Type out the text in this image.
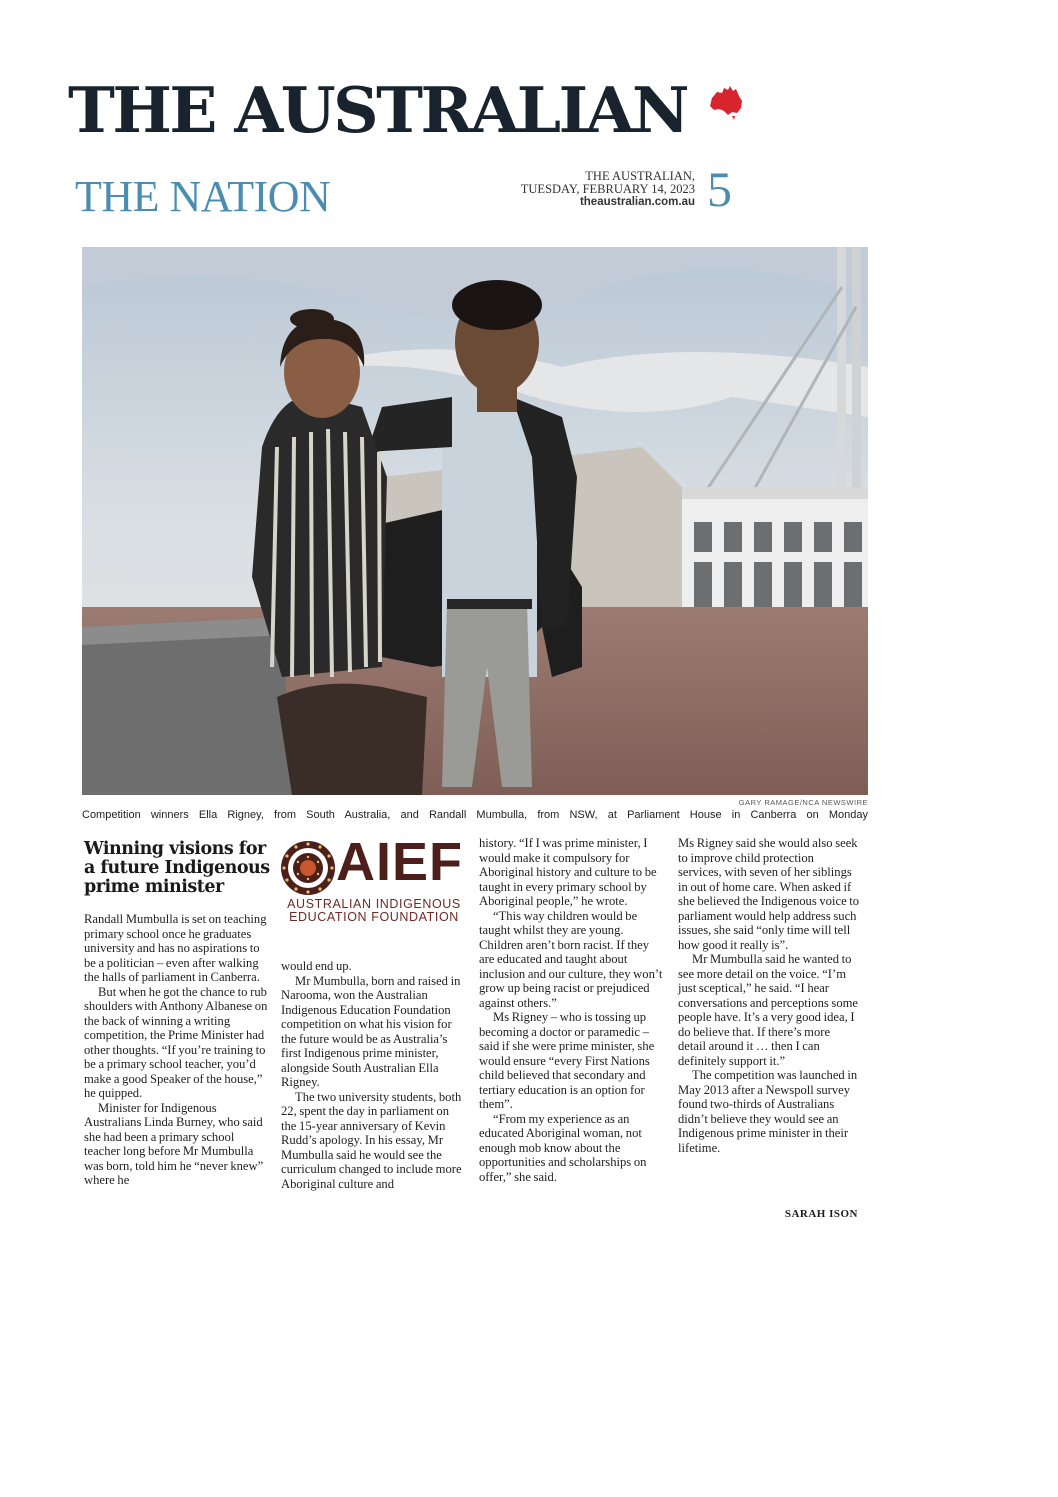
THE AUSTRALIAN
THE NATION	THE AUSTRALIAN,
TUESDAY, FEBRUARY 14, 2023
theaustralian.com.au 5
GARY RAMAGE/NCA NEWSWIRE
Competition winners Ella Rigney, from South Australia, and Randall Mumbulla, from NSW, at Parliament House in Canberra on Monday
Winning visions for a future Indigenous prime minister	AIEF
AUSTRALIAN INDIGENOUS
EDUCATION FOUNDATION

Randall Mumbulla is set on teaching primary school once he graduates university and has no aspirations to be a politician – even after walking the halls of parliament in Canberra.

But when he got the chance to rub shoulders with Anthony Albanese on the back of winning a writing competition, the Prime Minister had other thoughts. “If you’re training to be a primary school teacher, you’d make a good Speaker of the house,” he quipped.

Minister for Indigenous Australians Linda Burney, who said she had been a primary school teacher long before Mr Mumbulla was born, told him he “never knew” where he

would end up.

Mr Mumbulla, born and raised in Narooma, won the Australian Indigenous Education Foundation competition on what his vision for the future would be as Australia’s first Indigenous prime minister, alongside South Australian Ella Rigney.

The two university students, both 22, spent the day in parliament on the 15-year anniversary of Kevin Rudd’s apology. In his essay, Mr Mumbulla said he would see the curriculum changed to include more Aboriginal culture and

history. “If I was prime minister, I would make it compulsory for Aboriginal history and culture to be taught in every primary school by Aboriginal people,” he wrote.

“This way children would be taught whilst they are young. Children aren’t born racist. If they are educated and taught about inclusion and our culture, they won’t grow up being racist or prejudiced against others.”

Ms Rigney – who is tossing up becoming a doctor or paramedic – said if she were prime minister, she would ensure “every First Nations child believed that secondary and tertiary education is an option for them”.

“From my experience as an educated Aboriginal woman, not enough mob know about the opportunities and scholarships on offer,” she said.

Ms Rigney said she would also seek to improve child protection services, with seven of her siblings in out of home care. When asked if she believed the Indigenous voice to parliament would help address such issues, she said “only time will tell how good it really is”.

Mr Mumbulla said he wanted to see more detail on the voice. “I’m just sceptical,” he said. “I hear conversations and perceptions some people have. It’s a very good idea, I do believe that. If there’s more detail around it … then I can definitely support it.”

The competition was launched in May 2013 after a Newspoll survey found two-thirds of Australians didn’t believe they would see an Indigenous prime minister in their lifetime.

SARAH ISON
